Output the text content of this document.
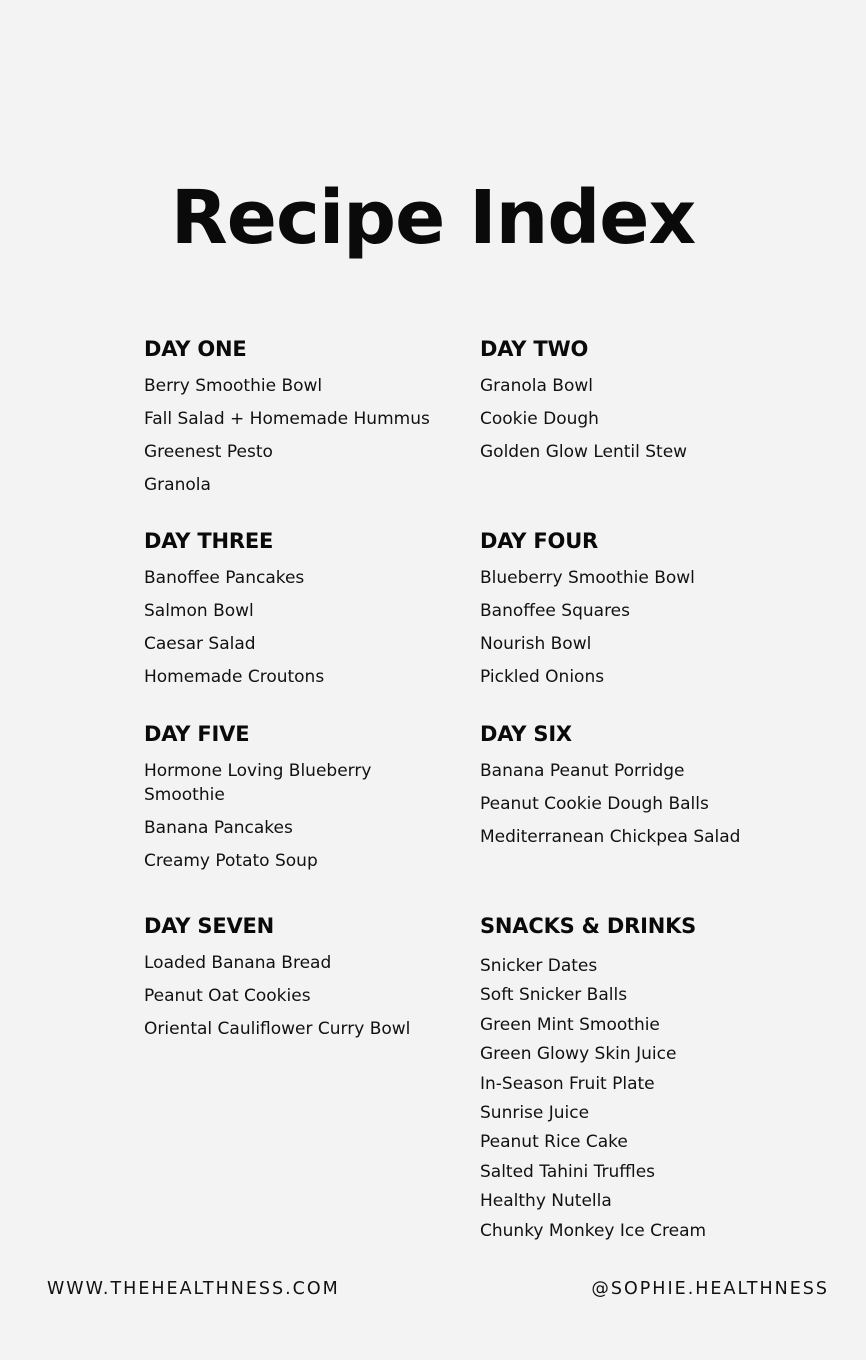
Recipe Index
DAY ONE
Berry Smoothie Bowl
Fall Salad + Homemade Hummus
Greenest Pesto
Granola
DAY TWO
Granola Bowl
Cookie Dough
Golden Glow Lentil Stew
DAY THREE
Banoffee Pancakes
Salmon Bowl
Caesar Salad
Homemade Croutons
DAY FOUR
Blueberry Smoothie Bowl
Banoffee Squares
Nourish Bowl
Pickled Onions
DAY FIVE
Hormone Loving Blueberry Smoothie
Banana Pancakes
Creamy Potato Soup
DAY SIX
Banana Peanut Porridge
Peanut Cookie Dough Balls
Mediterranean Chickpea Salad
DAY SEVEN
Loaded Banana Bread
Peanut Oat Cookies
Oriental Cauliflower Curry Bowl
SNACKS & DRINKS
Snicker Dates
Soft Snicker Balls
Green Mint Smoothie
Green Glowy Skin Juice
In-Season Fruit Plate
Sunrise Juice
Peanut Rice Cake
Salted Tahini Truffles
Healthy Nutella
Chunky Monkey Ice Cream
WWW.THEHEALTHNESS.COM	@SOPHIE.HEALTHNESS
